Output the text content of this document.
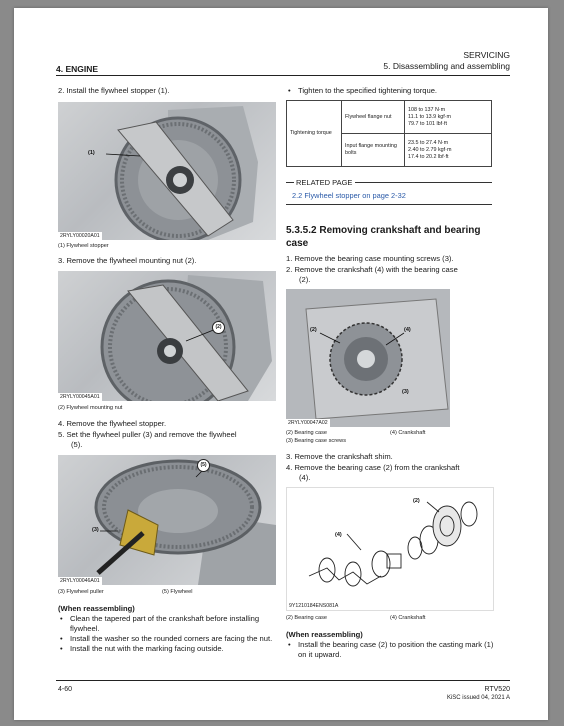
SERVICING
5. Disassembling and assembling
4. ENGINE
2. Install the flywheel stopper (1).
(1)
2RYLY00020A01
(1) Flywheel stopper
3. Remove the flywheel mounting nut (2).
(2)
2RYLY00045A01
(2) Flywheel mounting nut
4. Remove the flywheel stopper.
5. Set the flywheel puller (3) and remove the flywheel
(5).
(5)
(3)
2RYLY00046A01
(3) Flywheel puller	(5) Flywheel
(When reassembling)
• Clean the tapered part of the crankshaft before installing flywheel.
• Install the washer so the rounded corners are facing the nut.
• Install the nut with the marking facing outside.
• Tighten to the specified tightening torque.
Tightening torque	Flywheel flange nut	108 to 137 N·m
11.1 to 13.9 kgf·m
79.7 to 101 lbf·ft

	Input flange mounting bolts	23.5 to 27.4 N·m
2.40 to 2.79 kgf·m
17.4 to 20.2 lbf·ft
RELATED PAGE
2.2 Flywheel stopper on page 2-32
5.3.5.2 Removing crankshaft and bearing
case
1. Remove the bearing case mounting screws (3).
2. Remove the crankshaft (4) with the bearing case
(2).
(2)	(4)
(3)
2RYLY00047A02
(2) Bearing case	(4) Crankshaft
(3) Bearing case screws
3. Remove the crankshaft shim.
4. Remove the bearing case (2) from the crankshaft
(4).
(4)
(2)
9Y1210184ENS081A
(2) Bearing case	(4) Crankshaft
(When reassembling)
• Install the bearing case (2) to position the casting mark (1) on it upward.
4-60	RTV520
KiSC issued 04, 2021 A
